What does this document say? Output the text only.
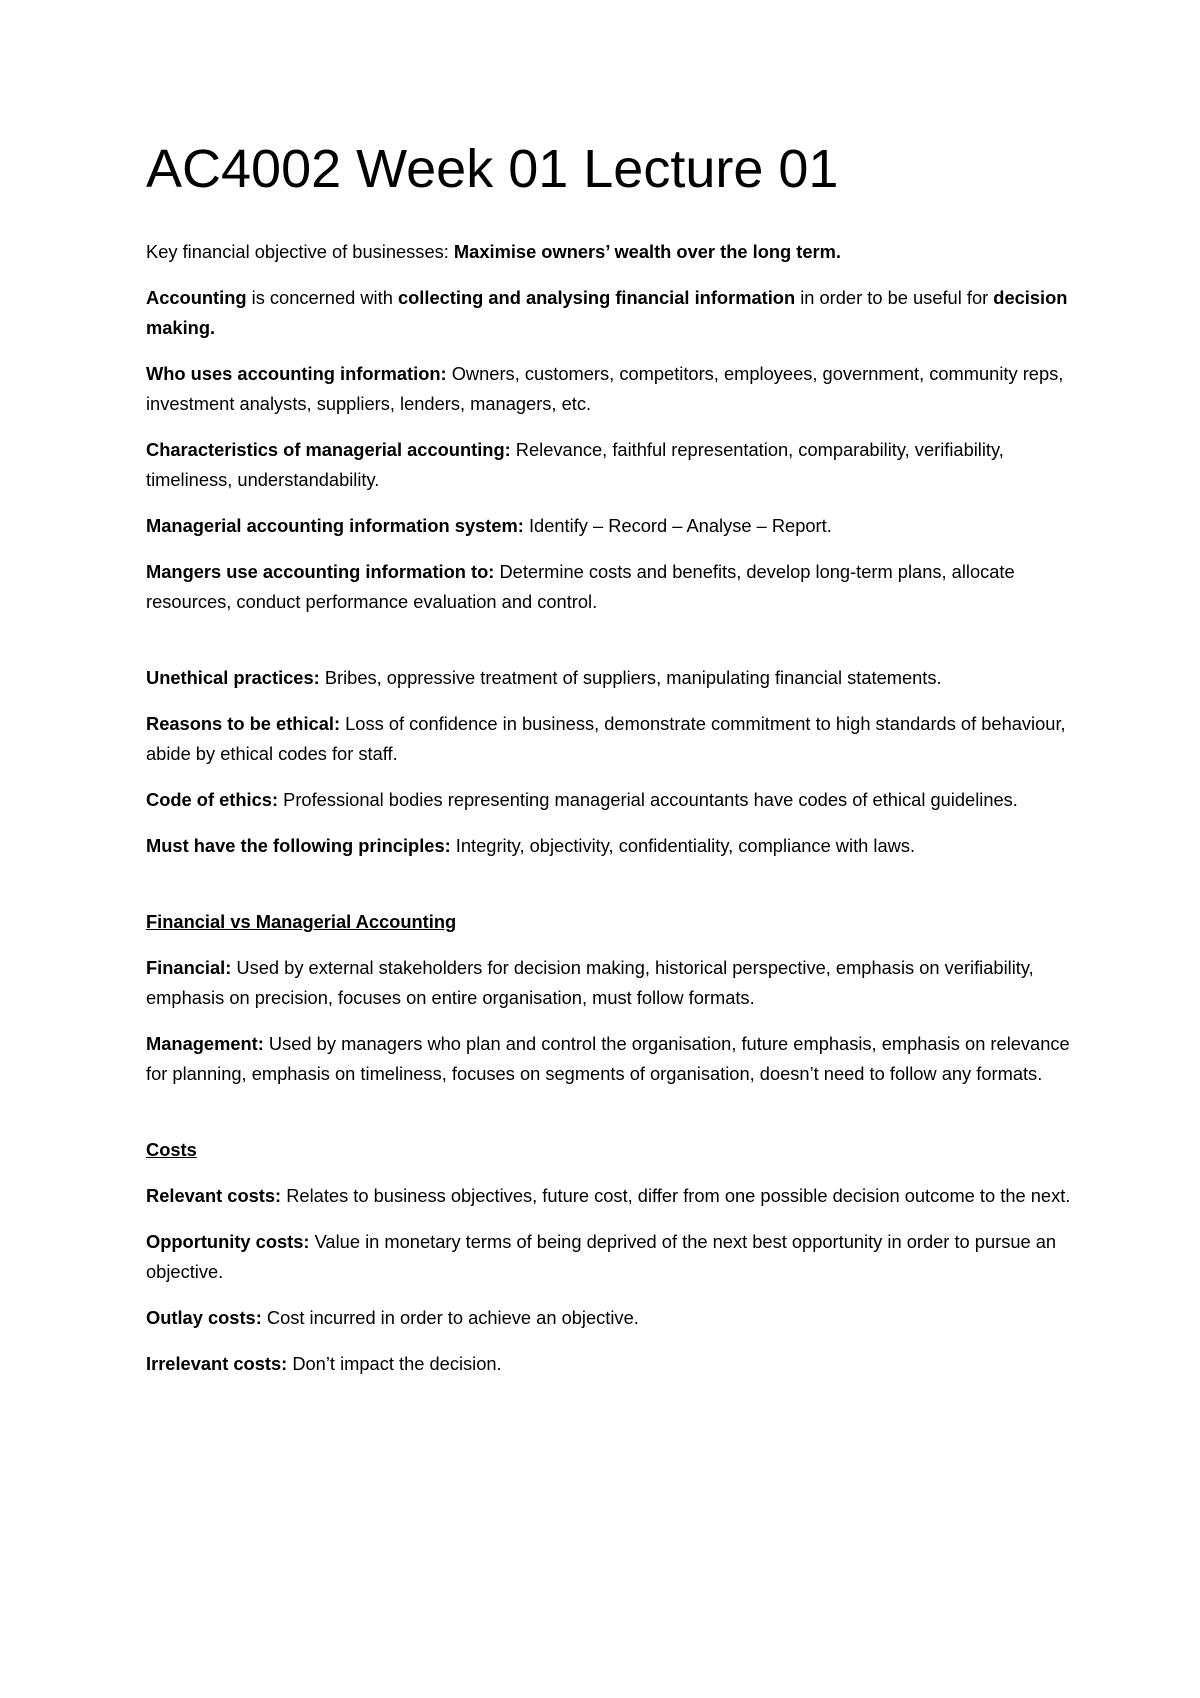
AC4002 Week 01 Lecture 01

Key financial objective of businesses: Maximise owners’ wealth over the long term.

Accounting is concerned with collecting and analysing financial information in order to be useful for decision making.

Who uses accounting information: Owners, customers, competitors, employees, government, community reps, investment analysts, suppliers, lenders, managers, etc.

Characteristics of managerial accounting: Relevance, faithful representation, comparability, verifiability, timeliness, understandability.

Managerial accounting information system: Identify – Record – Analyse – Report.

Mangers use accounting information to: Determine costs and benefits, develop long-term plans, allocate resources, conduct performance evaluation and control.

Unethical practices: Bribes, oppressive treatment of suppliers, manipulating financial statements.

Reasons to be ethical: Loss of confidence in business, demonstrate commitment to high standards of behaviour, abide by ethical codes for staff.

Code of ethics: Professional bodies representing managerial accountants have codes of ethical guidelines.

Must have the following principles: Integrity, objectivity, confidentiality, compliance with laws.

Financial vs Managerial Accounting

Financial: Used by external stakeholders for decision making, historical perspective, emphasis on verifiability, emphasis on precision, focuses on entire organisation, must follow formats.

Management: Used by managers who plan and control the organisation, future emphasis, emphasis on relevance for planning, emphasis on timeliness, focuses on segments of organisation, doesn’t need to follow any formats.

Costs

Relevant costs: Relates to business objectives, future cost, differ from one possible decision outcome to the next.

Opportunity costs: Value in monetary terms of being deprived of the next best opportunity in order to pursue an objective.

Outlay costs: Cost incurred in order to achieve an objective.

Irrelevant costs: Don’t impact the decision.
